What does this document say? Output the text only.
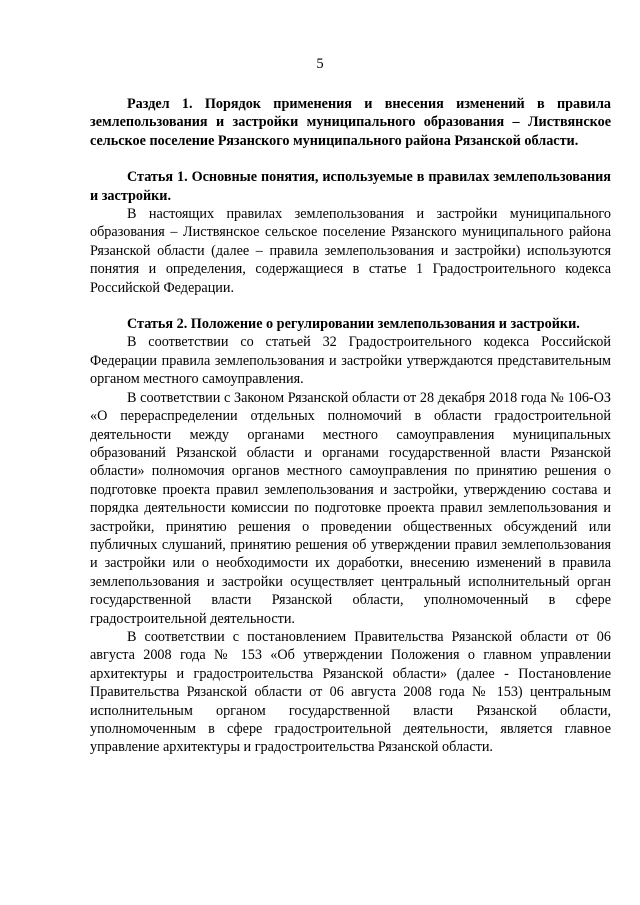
5

Раздел 1. Порядок применения и внесения изменений в правила землепользования и застройки муниципального образования – Листвянское сельское поселение Рязанского муниципального района Рязанской области.

Статья 1. Основные понятия, используемые в правилах землепользования и застройки.

В настоящих правилах землепользования и застройки муниципального образования – Листвянское сельское поселение Рязанского муниципального района Рязанской области (далее – правила землепользования и застройки) используются понятия и определения, содержащиеся в статье 1 Градостроительного кодекса Российской Федерации.

Статья 2. Положение о регулировании землепользования и застройки.

В соответствии со статьей 32 Градостроительного кодекса Российской Федерации правила землепользования и застройки утверждаются представительным органом местного самоуправления.

В соответствии с Законом Рязанской области от 28 декабря 2018 года № 106-ОЗ «О перераспределении отдельных полномочий в области градостроительной деятельности между органами местного самоуправления муниципальных образований Рязанской области и органами государственной власти Рязанской области» полномочия органов местного самоуправления по принятию решения о подготовке проекта правил землепользования и застройки, утверждению состава и порядка деятельности комиссии по подготовке проекта правил землепользования и застройки, принятию решения о проведении общественных обсуждений или публичных слушаний, принятию решения об утверждении правил землепользования и застройки или о необходимости их доработки, внесению изменений в правила землепользования и застройки осуществляет центральный исполнительный орган государственной власти Рязанской области, уполномоченный в сфере градостроительной деятельности.

В соответствии с постановлением Правительства Рязанской области от 06 августа 2008 года № 153 «Об утверждении Положения о главном управлении архитектуры и градостроительства Рязанской области» (далее - Постановление Правительства Рязанской области от 06 августа 2008 года № 153) центральным исполнительным органом государственной власти Рязанской области, уполномоченным в сфере градостроительной деятельности, является главное управление архитектуры и градостроительства Рязанской области.
